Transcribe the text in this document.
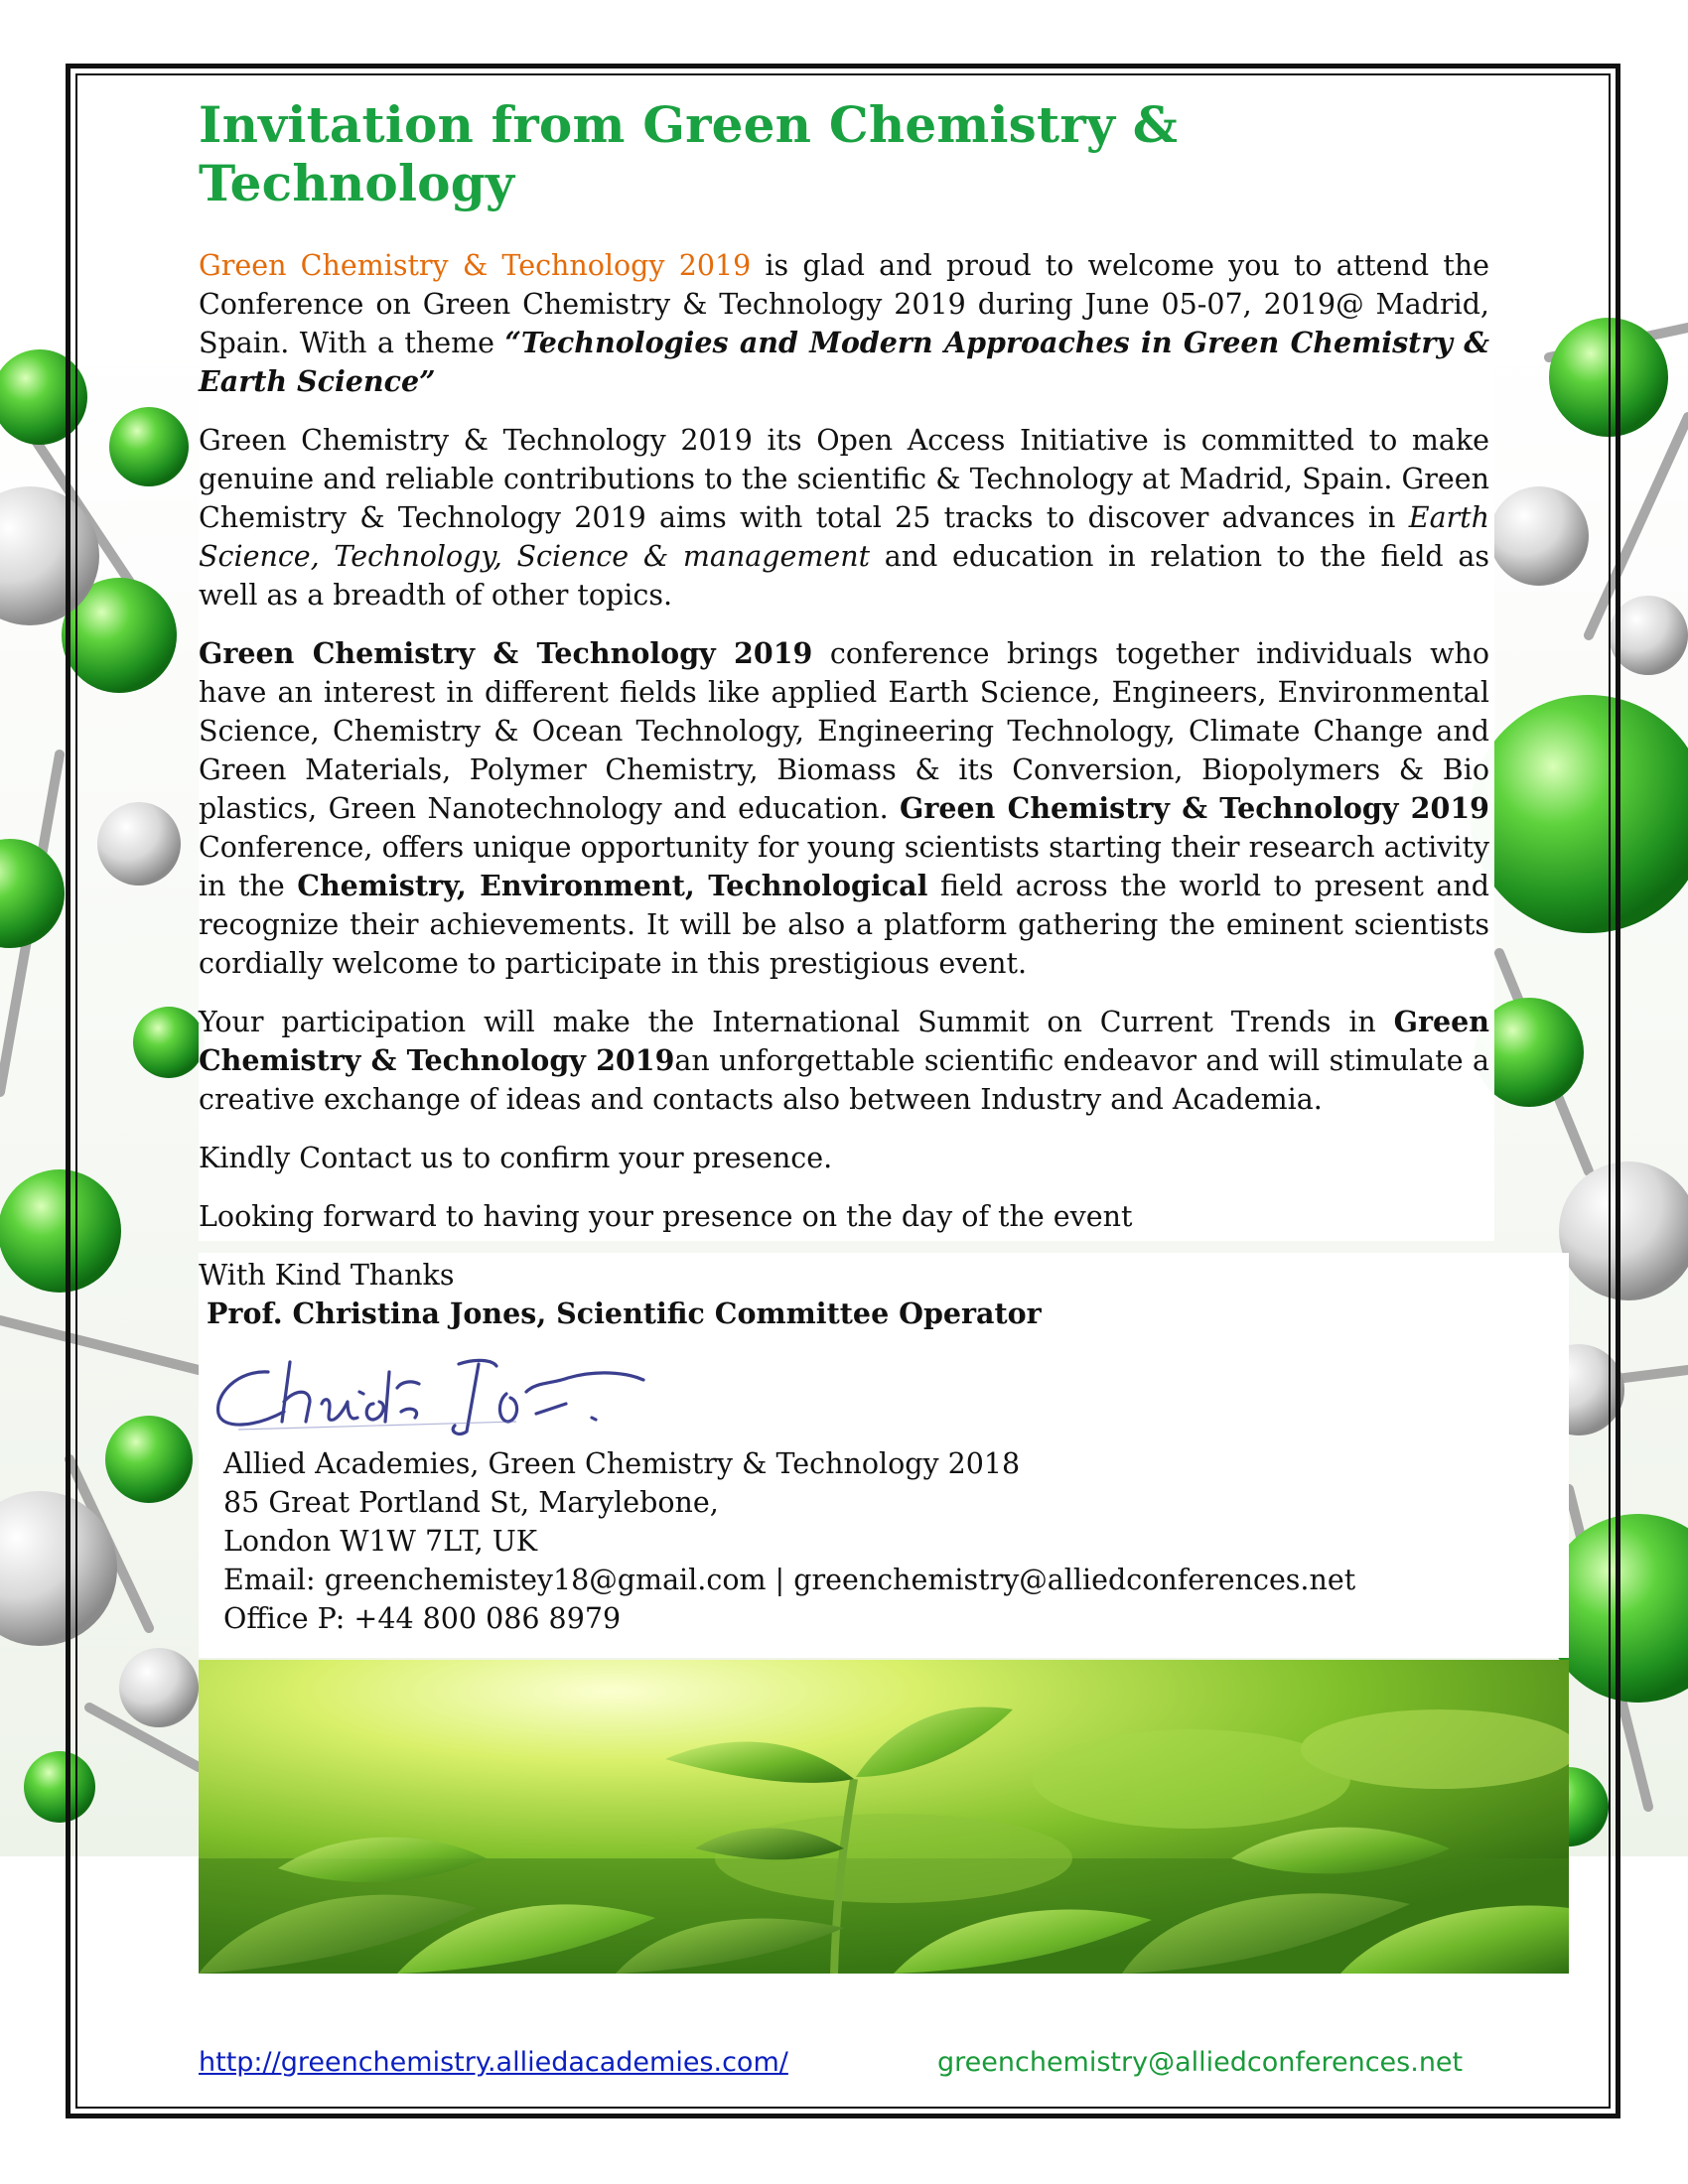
Invitation from Green Chemistry & Technology

Green Chemistry & Technology 2019 is glad and proud to welcome you to attend the Conference on Green Chemistry & Technology 2019 during June 05-07, 2019@ Madrid, Spain. With a theme “Technologies and Modern Approaches in Green Chemistry & Earth Science”

Green Chemistry & Technology 2019 its Open Access Initiative is committed to make genuine and reliable contributions to the scientific & Technology at Madrid, Spain. Green Chemistry & Technology 2019 aims with total 25 tracks to discover advances in Earth Science, Technology, Science & management and education in relation to the field as well as a breadth of other topics.

Green Chemistry & Technology 2019 conference brings together individuals who have an interest in different fields like applied Earth Science, Engineers, Environmental Science, Chemistry & Ocean Technology, Engineering Technology, Climate Change and Green Materials, Polymer Chemistry, Biomass & its Conversion, Biopolymers & Bio plastics, Green Nanotechnology and education. Green Chemistry & Technology 2019 Conference, offers unique opportunity for young scientists starting their research activity in the Chemistry, Environment, Technological field across the world to present and recognize their achievements. It will be also a platform gathering the eminent scientists cordially welcome to participate in this prestigious event.

Your participation will make the International Summit on Current Trends in Green Chemistry & Technology 2019an unforgettable scientific endeavor and will stimulate a creative exchange of ideas and contacts also between Industry and Academia.

Kindly Contact us to confirm your presence.

Looking forward to having your presence on the day of the event

With Kind Thanks

Prof. Christina Jones, Scientific Committee Operator

Allied Academies, Green Chemistry & Technology 2018
85 Great Portland St, Marylebone,
London W1W 7LT, UK
Email: greenchemistey18@gmail.com | greenchemistry@alliedconferences.net
Office P: +44 800 086 8979
http://greenchemistry.alliedacademies.com/	greenchemistry@alliedconferences.net
